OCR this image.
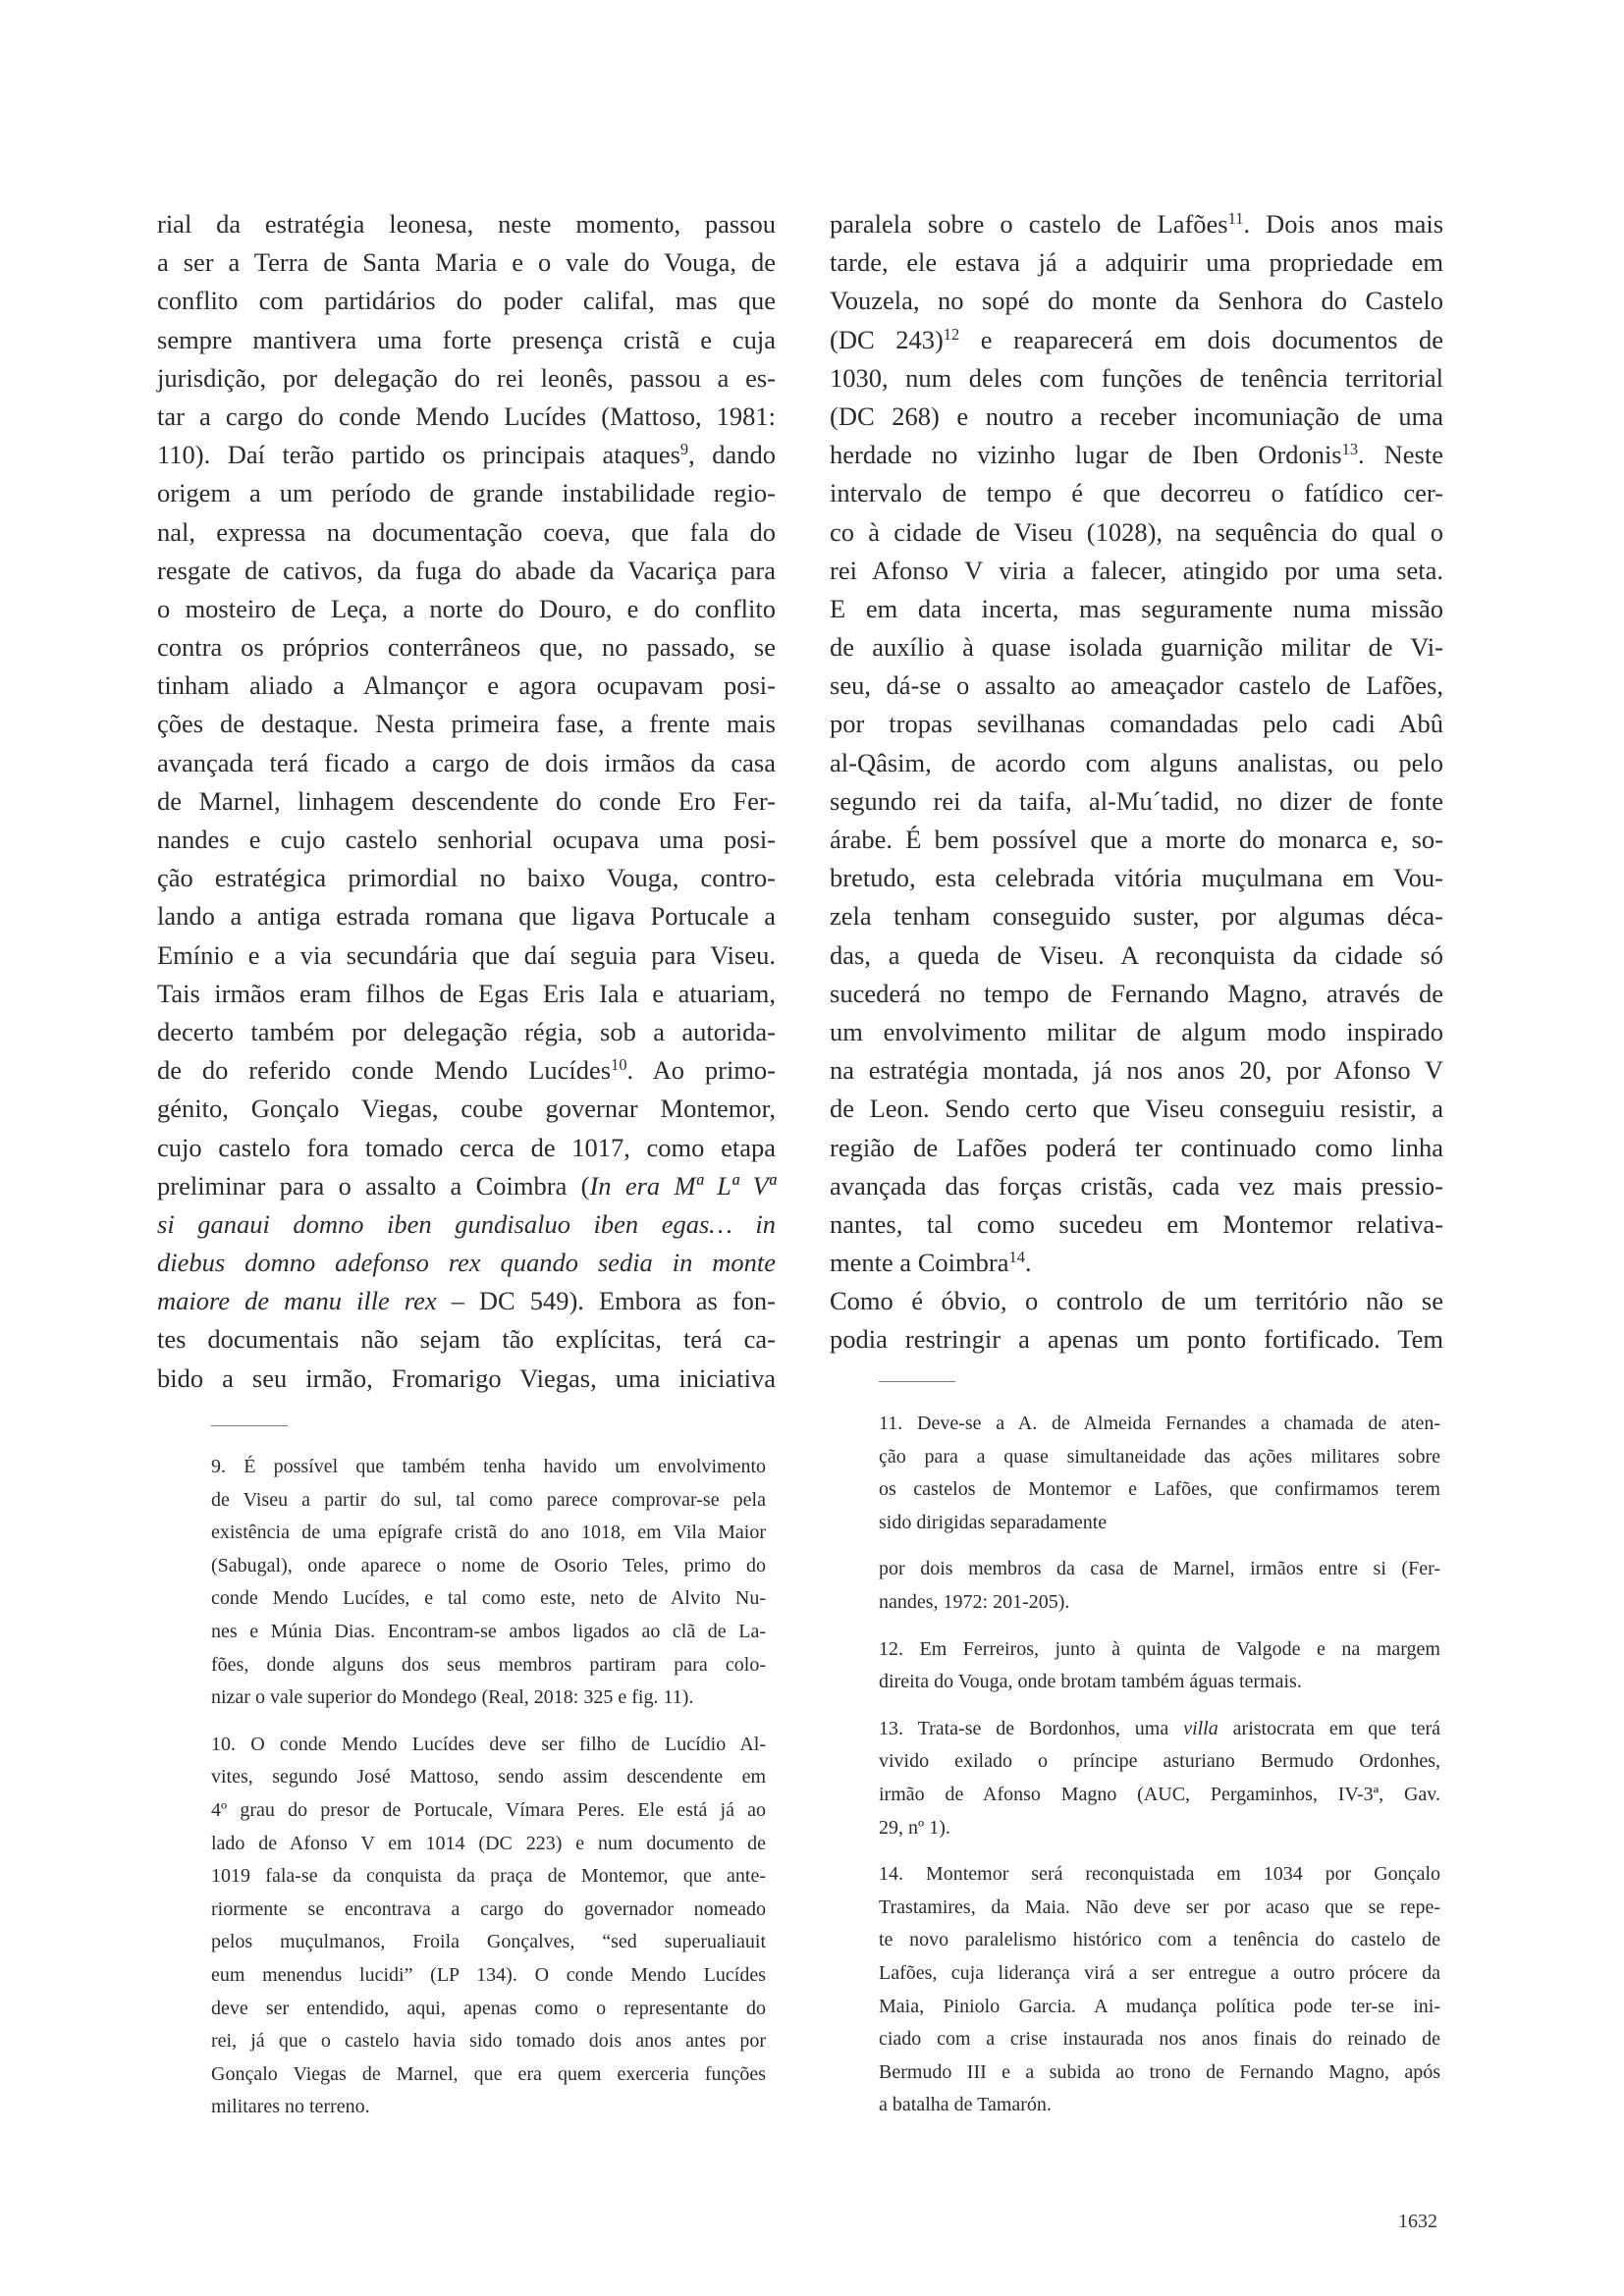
rial da estratégia leonesa, neste momento, passou
a ser a Terra de Santa Maria e o vale do Vouga, de
conflito com partidários do poder califal, mas que
sempre mantivera uma forte presença cristã e cuja
jurisdição, por delegação do rei leonês, passou a es-
tar a cargo do conde Mendo Lucídes (Mattoso, 1981:
110). Daí terão partido os principais ataques$^9$, dando
origem a um período de grande instabilidade regio-
nal, expressa na documentação coeva, que fala do
resgate de cativos, da fuga do abade da Vacariça para
o mosteiro de Leça, a norte do Douro, e do conflito
contra os próprios conterrâneos que, no passado, se
tinham aliado a Almançor e agora ocupavam posi-
ções de destaque. Nesta primeira fase, a frente mais
avançada terá ficado a cargo de dois irmãos da casa
de Marnel, linhagem descendente do conde Ero Fer-
nandes e cujo castelo senhorial ocupava uma posi-
ção estratégica primordial no baixo Vouga, contro-
lando a antiga estrada romana que ligava Portucale a
Emínio e a via secundária que daí seguia para Viseu.
Tais irmãos eram filhos de Egas Eris Iala e atuariam,
decerto também por delegação régia, sob a autorida-
de do referido conde Mendo Lucídes$^{10}$. Ao primo-
génito, Gonçalo Viegas, coube governar Montemor,
cujo castelo fora tomado cerca de 1017, como etapa
preliminar para o assalto a Coimbra (In era Mª Lª Vª
si ganaui domno iben gundisaluo iben egas… in
diebus domno adefonso rex quando sedia in monte
maiore de manu ille rex – DC 549). Embora as fon-
tes documentais não sejam tão explícitas, terá ca-
bido a seu irmão, Fromarigo Viegas, uma iniciativa
paralela sobre o castelo de Lafões$^{11}$. Dois anos mais
tarde, ele estava já a adquirir uma propriedade em
Vouzela, no sopé do monte da Senhora do Castelo
(DC 243)$^{12}$ e reaparecerá em dois documentos de
1030, num deles com funções de tenência territorial
(DC 268) e noutro a receber incomuniação de uma
herdade no vizinho lugar de Iben Ordonis$^{13}$. Neste
intervalo de tempo é que decorreu o fatídico cer-
co à cidade de Viseu (1028), na sequência do qual o
rei Afonso V viria a falecer, atingido por uma seta.
E em data incerta, mas seguramente numa missão
de auxílio à quase isolada guarnição militar de Vi-
seu, dá-se o assalto ao ameaçador castelo de Lafões,
por tropas sevilhanas comandadas pelo cadi Abû
al-Qâsim, de acordo com alguns analistas, ou pelo
segundo rei da taifa, al-Mu´tadid, no dizer de fonte
árabe. É bem possível que a morte do monarca e, so-
bretudo, esta celebrada vitória muçulmana em Vou-
zela tenham conseguido suster, por algumas déca-
das, a queda de Viseu. A reconquista da cidade só
sucederá no tempo de Fernando Magno, através de
um envolvimento militar de algum modo inspirado
na estratégia montada, já nos anos 20, por Afonso V
de Leon. Sendo certo que Viseu conseguiu resistir, a
região de Lafões poderá ter continuado como linha
avançada das forças cristãs, cada vez mais pressio-
nantes, tal como sucedeu em Montemor relativa-
mente a Coimbra$^{14}$.
Como é óbvio, o controlo de um território não se
podia restringir a apenas um ponto fortificado. Tem
9. É possível que também tenha havido um envolvimento
de Viseu a partir do sul, tal como parece comprovar-se pela
existência de uma epígrafe cristã do ano 1018, em Vila Maior
(Sabugal), onde aparece o nome de Osorio Teles, primo do
conde Mendo Lucídes, e tal como este, neto de Alvito Nu-
nes e Múnia Dias. Encontram-se ambos ligados ao clã de La-
fões, donde alguns dos seus membros partiram para colo-
nizar o vale superior do Mondego (Real, 2018: 325 e fig. 11).
10. O conde Mendo Lucídes deve ser filho de Lucídio Al-
vites, segundo José Mattoso, sendo assim descendente em
4º grau do presor de Portucale, Vímara Peres. Ele está já ao
lado de Afonso V em 1014 (DC 223) e num documento de
1019 fala-se da conquista da praça de Montemor, que ante-
riormente se encontrava a cargo do governador nomeado
pelos muçulmanos, Froila Gonçalves, “sed superualiauit
eum menendus lucidi” (LP 134). O conde Mendo Lucídes
deve ser entendido, aqui, apenas como o representante do
rei, já que o castelo havia sido tomado dois anos antes por
Gonçalo Viegas de Marnel, que era quem exerceria funções
militares no terreno.
11. Deve-se a A. de Almeida Fernandes a chamada de aten-
ção para a quase simultaneidade das ações militares sobre
os castelos de Montemor e Lafões, que confirmamos terem
sido dirigidas separadamente
por dois membros da casa de Marnel, irmãos entre si (Fer-
nandes, 1972: 201-205).
12. Em Ferreiros, junto à quinta de Valgode e na margem
direita do Vouga, onde brotam também águas termais.
13. Trata-se de Bordonhos, uma villa aristocrata em que terá
vivido exilado o príncipe asturiano Bermudo Ordonhes,
irmão de Afonso Magno (AUC, Pergaminhos, IV-3ª, Gav.
29, nº 1).
14. Montemor será reconquistada em 1034 por Gonçalo
Trastamires, da Maia. Não deve ser por acaso que se repe-
te novo paralelismo histórico com a tenência do castelo de
Lafões, cuja liderança virá a ser entregue a outro prócere da
Maia, Piniolo Garcia. A mudança política pode ter-se ini-
ciado com a crise instaurada nos anos finais do reinado de
Bermudo III e a subida ao trono de Fernando Magno, após
a batalha de Tamarón.
1632
